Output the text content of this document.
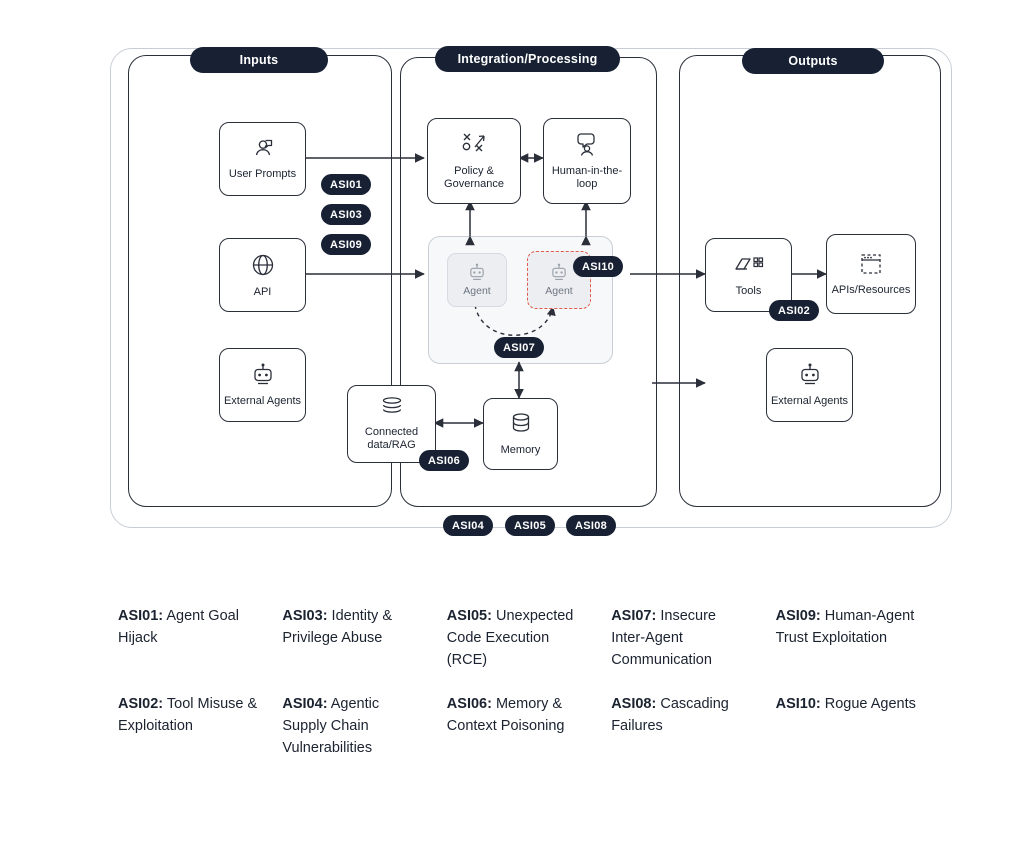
Inputs	Integration/Processing	Outputs
User Prompts
API
External Agents
Policy & Governance
Human-in-the-loop
Agent	Agent
Connected data/RAG	Memory
Tools	APIs/Resources
External Agents
ASI01
ASI03
ASI09
ASI10
ASI07
ASI06
ASI02
ASI04	ASI05	ASI08
ASI01: Agent Goal Hijack
ASI03: Identity & Privilege Abuse
ASI05: Unexpected Code Execution (RCE)
ASI07: Insecure Inter-Agent Communication
ASI09: Human-Agent Trust Exploitation
ASI02: Tool Misuse & Exploitation
ASI04: Agentic Supply Chain Vulnerabilities
ASI06: Memory & Context Poisoning
ASI08: Cascading Failures
ASI10: Rogue Agents
